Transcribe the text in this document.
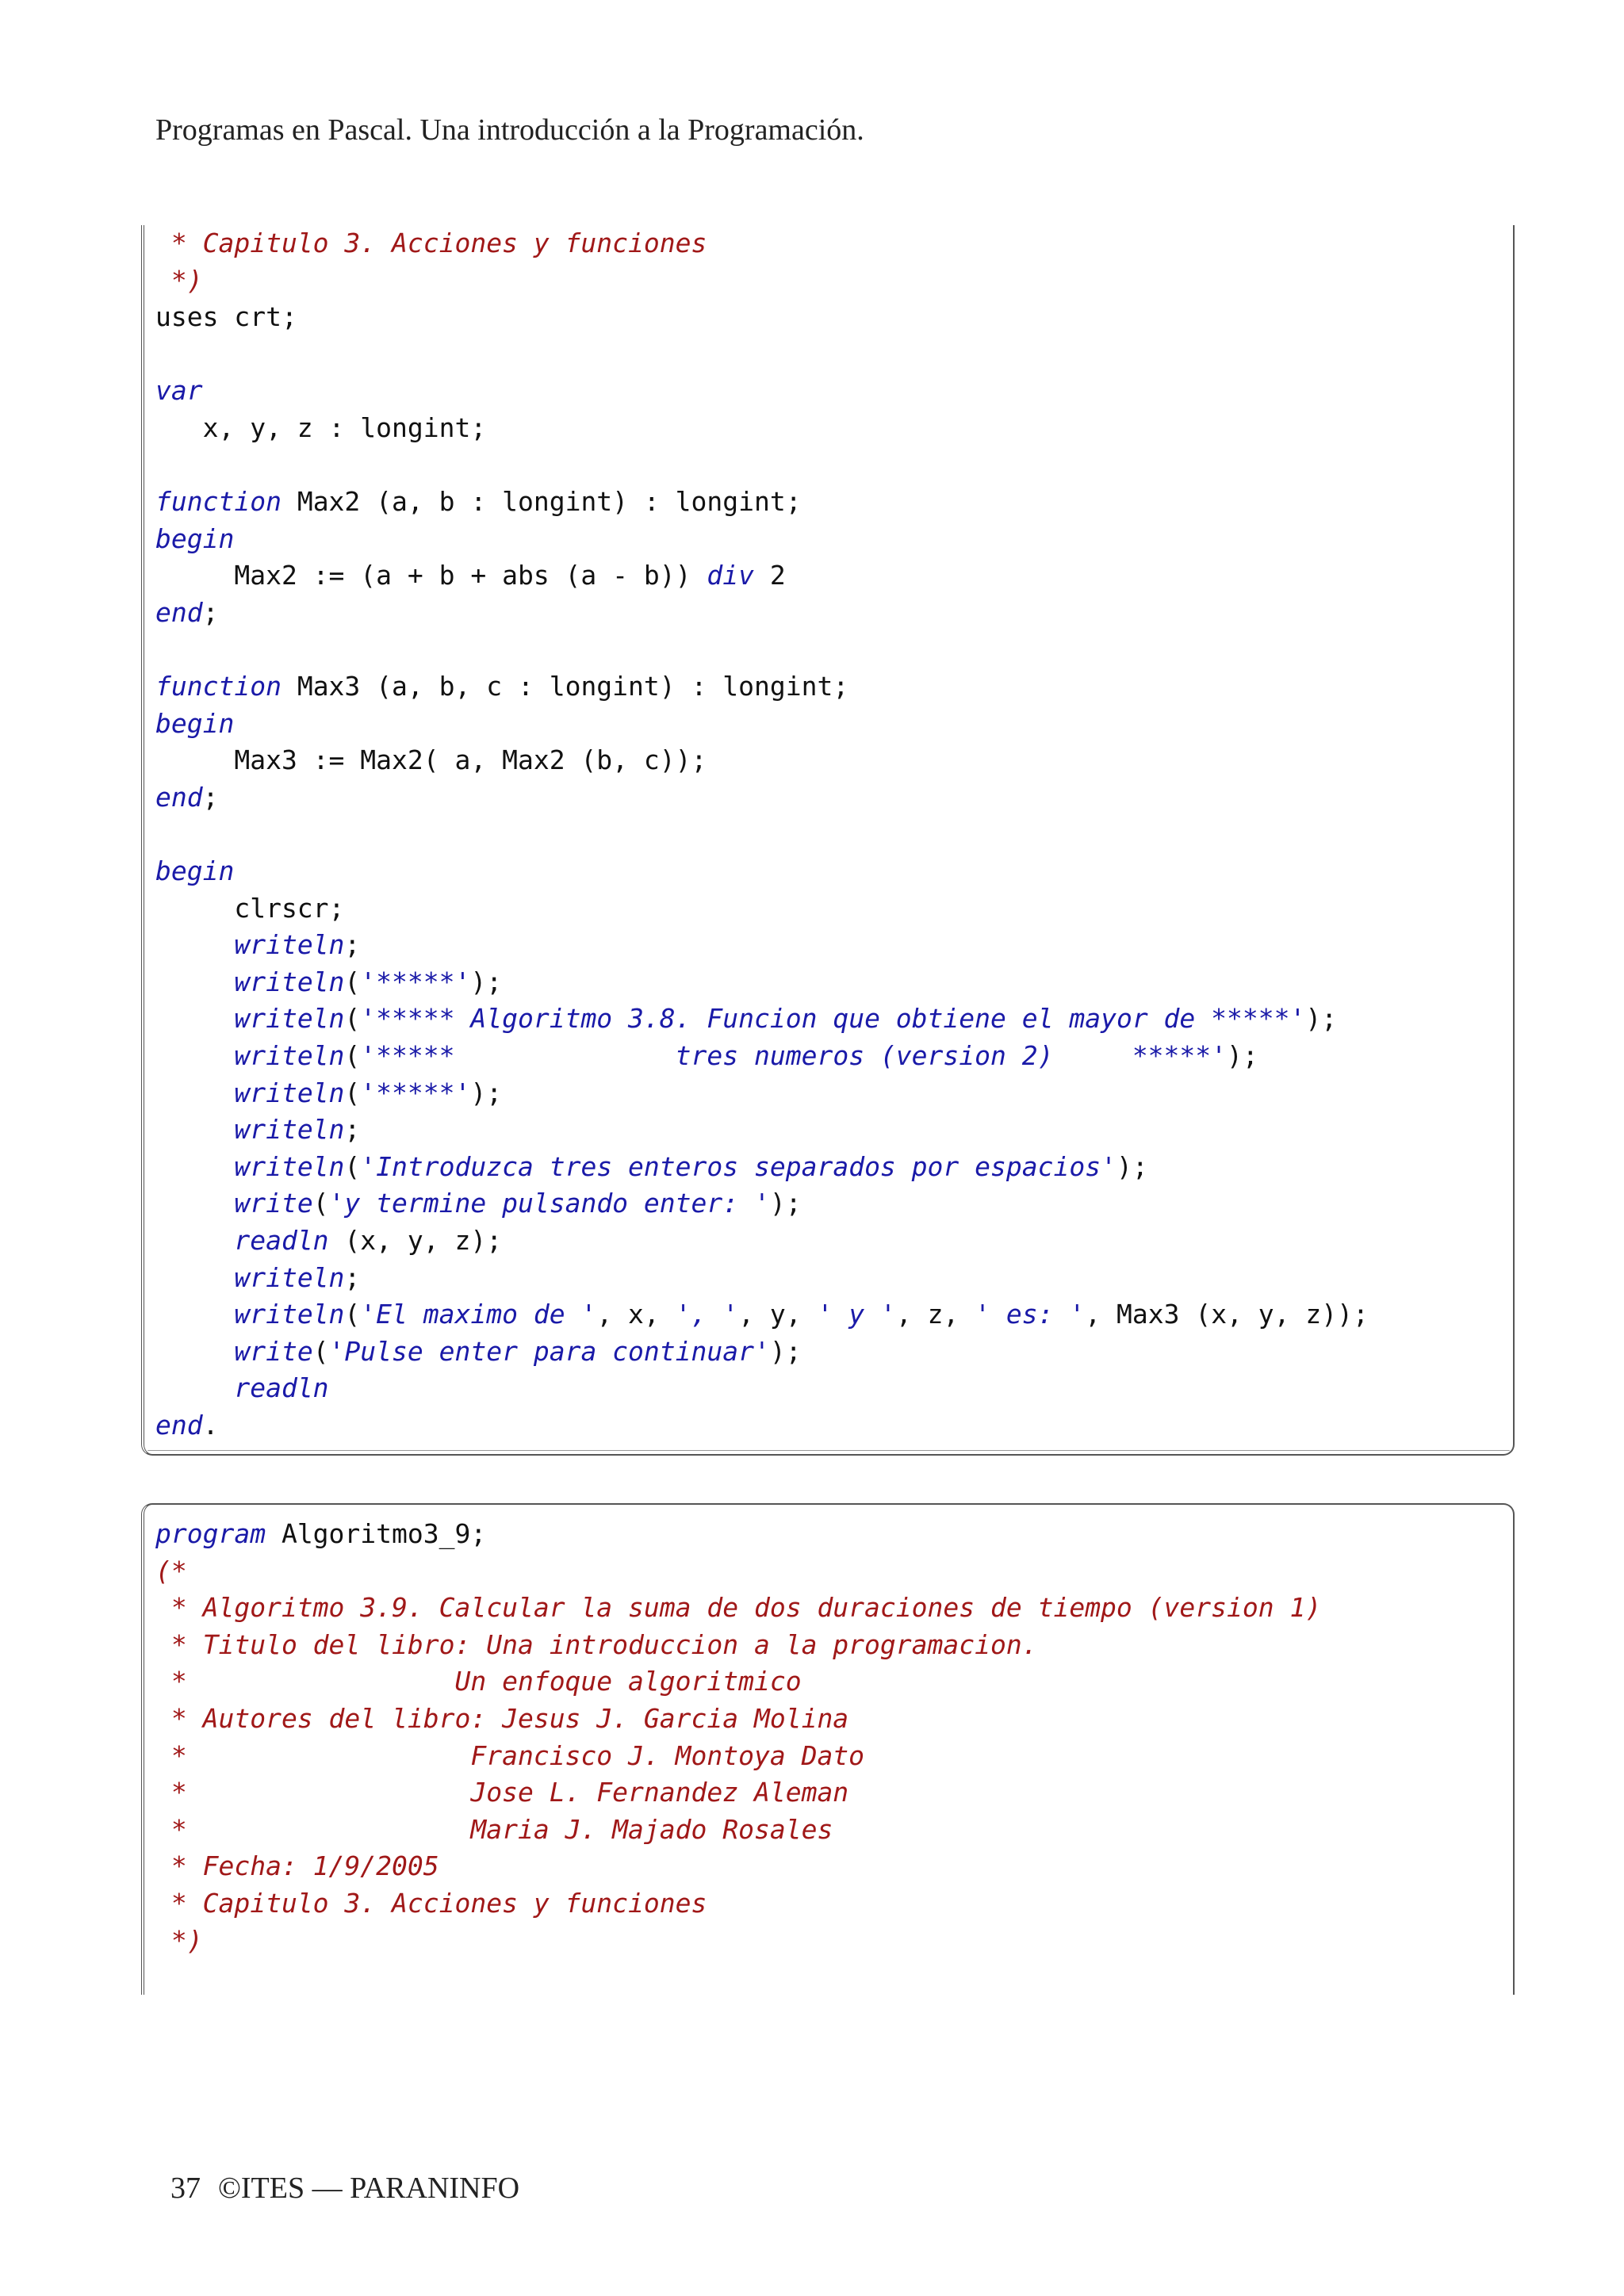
Programas en Pascal. Una introducción a la Programación.
* Capitulo 3. Acciones y funciones
*)
uses crt;
var
x, y, z : longint;
function Max2 (a, b : longint) : longint;
begin
Max2 := (a + b + abs (a - b)) div 2
end;
function Max3 (a, b, c : longint) : longint;
begin
Max3 := Max2( a, Max2 (b, c));
end;
begin
clrscr;
writeln;
writeln('*****');
writeln('***** Algoritmo 3.8. Funcion que obtiene el mayor de *****');
writeln('*****              tres numeros (version 2)     *****');
writeln('*****');
writeln;
writeln('Introduzca tres enteros separados por espacios');
write('y termine pulsando enter: ');
readln (x, y, z);
writeln;
writeln('El maximo de ', x, ', ', y, ' y ', z, ' es: ', Max3 (x, y, z));
write('Pulse enter para continuar');
readln
end.
program Algoritmo3_9;
(*
* Algoritmo 3.9. Calcular la suma de dos duraciones de tiempo (version 1)
* Titulo del libro: Una introduccion a la programacion.
*                 Un enfoque algoritmico
* Autores del libro: Jesus J. Garcia Molina
*                  Francisco J. Montoya Dato
*                  Jose L. Fernandez Aleman
*                  Maria J. Majado Rosales
* Fecha: 1/9/2005
* Capitulo 3. Acciones y funciones
*)

37 ©ITES — PARANINFO
